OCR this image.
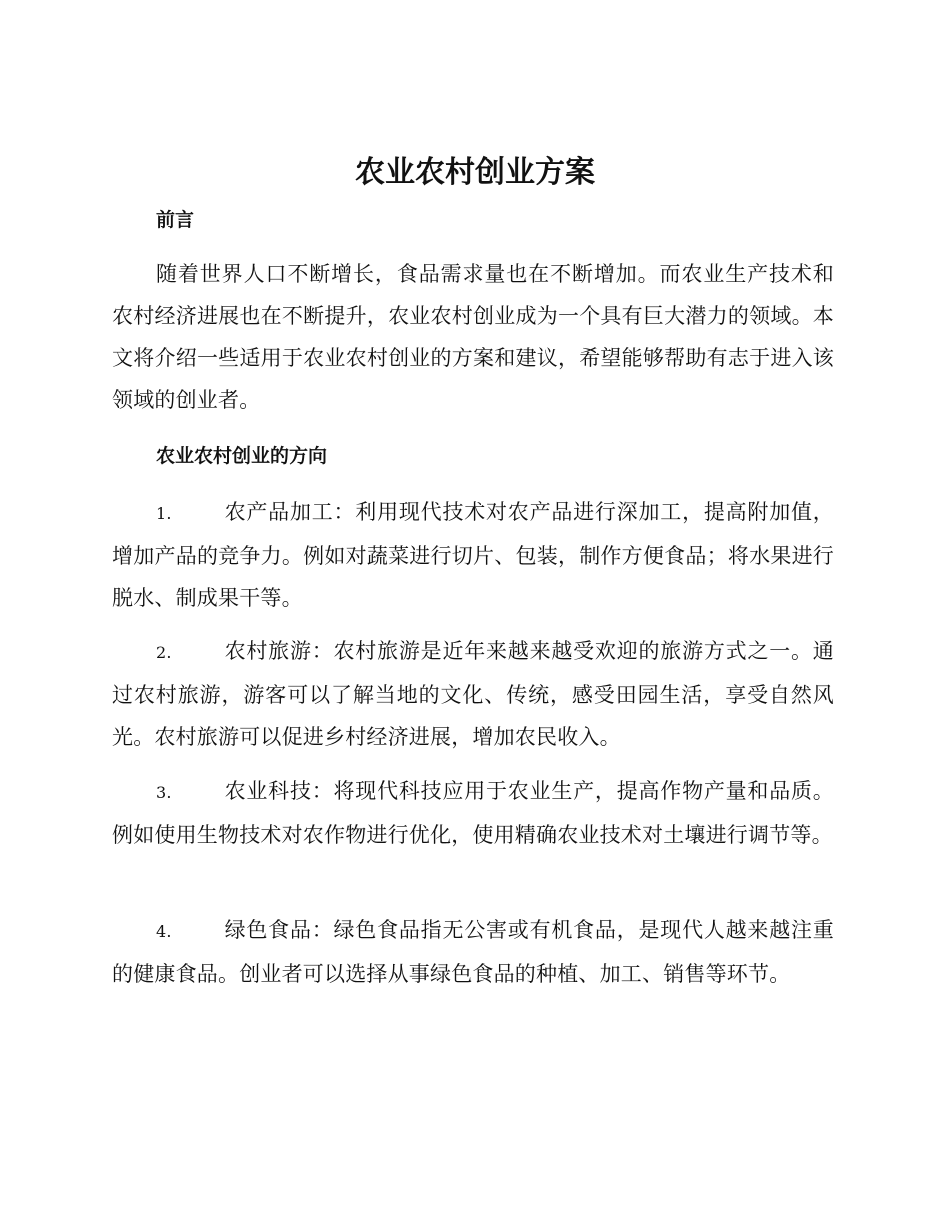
农业农村创业方案
前言

随着世界人口不断增长，食品需求量也在不断增加。而农业生产技术和农村经济进展也在不断提升，农业农村创业成为一个具有巨大潜力的领域。本文将介绍一些适用于农业农村创业的方案和建议，希望能够帮助有志于进入该领域的创业者。

农业农村创业的方向

1. 农产品加工：利用现代技术对农产品进行深加工，提高附加值，增加产品的竞争力。例如对蔬菜进行切片、包装，制作方便食品；将水果进行脱水、制成果干等。

2. 农村旅游：农村旅游是近年来越来越受欢迎的旅游方式之一。通过农村旅游，游客可以了解当地的文化、传统，感受田园生活，享受自然风光。农村旅游可以促进乡村经济进展，增加农民收入。

3. 农业科技：将现代科技应用于农业生产，提高作物产量和品质。例如使用生物技术对农作物进行优化，使用精确农业技术对土壤进行调节等。

4. 绿色食品：绿色食品指无公害或有机食品，是现代人越来越注重的健康食品。创业者可以选择从事绿色食品的种植、加工、销售等环节。
